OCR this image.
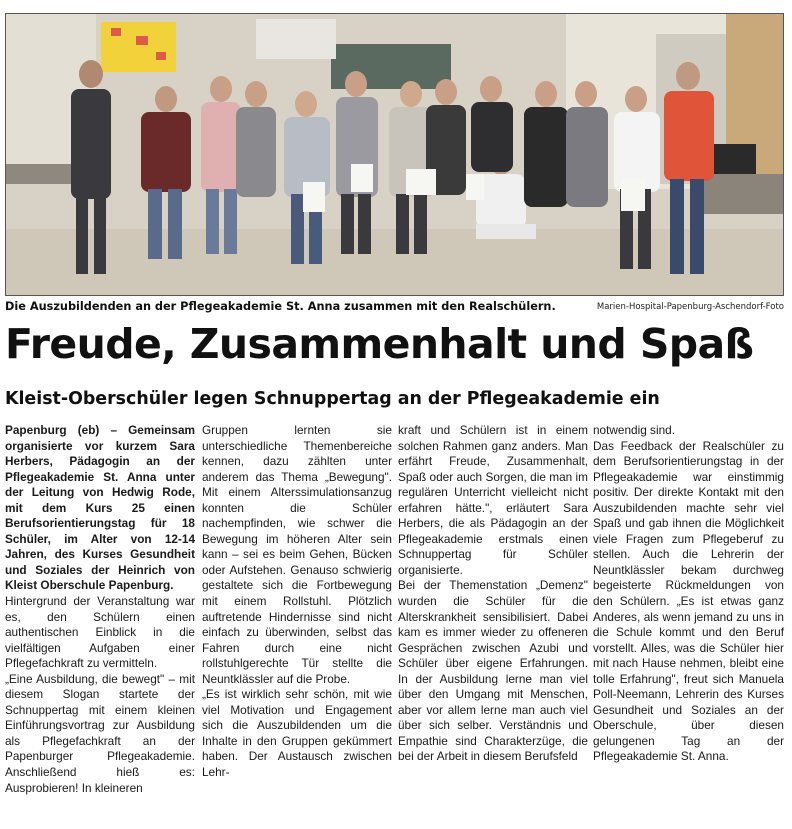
Die Auszubildenden an der Pflegeakademie St. Anna zusammen mit den Realschülern.	Marien-Hospital-Papenburg-Aschendorf-Foto
Freude, Zusammenhalt und Spaß
Kleist-Oberschüler legen Schnuppertag an der Pflegeakademie ein

Papenburg (eb) – Gemeinsam organisierte vor kurzem Sara Herbers, Pädagogin an der Pflegeakademie St. Anna unter der Leitung von Hedwig Rode, mit dem Kurs 25 einen Berufsorientierungstag für 18 Schüler, im Alter von 12-14 Jahren, des Kurses Gesundheit und Soziales der Heinrich von Kleist Oberschule Papenburg.

Hintergrund der Veranstaltung war es, den Schülern einen authentischen Einblick in die vielfältigen Aufgaben einer Pflegefachkraft zu vermitteln.

„Eine Ausbildung, die bewegt" – mit diesem Slogan startete der Schnuppertag mit einem kleinen Einführungsvortrag zur Ausbildung als Pflegefachkraft an der Papenburger Pflegeakademie. Anschließend hieß es: Ausprobieren! In kleineren

Gruppen lernten sie unterschiedliche Themenbereiche kennen, dazu zählten unter anderem das Thema „Bewegung". Mit einem Alterssimulationsanzug konnten die Schüler nachempfinden, wie schwer die Bewegung im höheren Alter sein kann – sei es beim Gehen, Bücken oder Aufstehen. Genauso schwierig gestaltete sich die Fortbewegung mit einem Rollstuhl. Plötzlich auftretende Hindernisse sind nicht einfach zu überwinden, selbst das Fahren durch eine nicht rollstuhlgerechte Tür stellte die Neuntklässler auf die Probe.

„Es ist wirklich sehr schön, mit wie viel Motivation und Engagement sich die Auszubildenden um die Inhalte in den Gruppen gekümmert haben. Der Austausch zwischen Lehr-

kraft und Schülern ist in einem solchen Rahmen ganz anders. Man erfährt Freude, Zusammenhalt, Spaß oder auch Sorgen, die man im regulären Unterricht vielleicht nicht erfahren hätte.", erläutert Sara Herbers, die als Pädagogin an der Pflegeakademie erstmals einen Schnuppertag für Schüler organisierte.

Bei der Themenstation „Demenz" wurden die Schüler für die Alterskrankheit sensibilisiert. Dabei kam es immer wieder zu offeneren Gesprächen zwischen Azubi und Schüler über eigene Erfahrungen. In der Ausbildung lerne man viel über den Umgang mit Menschen, aber vor allem lerne man auch viel über sich selber. Verständnis und Empathie sind Charakterzüge, die bei der Arbeit in diesem Berufsfeld

notwendig sind.

Das Feedback der Realschüler zu dem Berufsorientierungstag in der Pflegeakademie war einstimmig positiv. Der direkte Kontakt mit den Auszubildenden machte sehr viel Spaß und gab ihnen die Möglichkeit viele Fragen zum Pflegeberuf zu stellen. Auch die Lehrerin der Neuntklässler bekam durchweg begeisterte Rückmeldungen von den Schülern. „Es ist etwas ganz Anderes, als wenn jemand zu uns in die Schule kommt und den Beruf vorstellt. Alles, was die Schüler hier mit nach Hause nehmen, bleibt eine tolle Erfahrung", freut sich Manuela Poll-Neemann, Lehrerin des Kurses Gesundheit und Soziales an der Oberschule, über diesen gelungenen Tag an der Pflegeakademie St. Anna.
